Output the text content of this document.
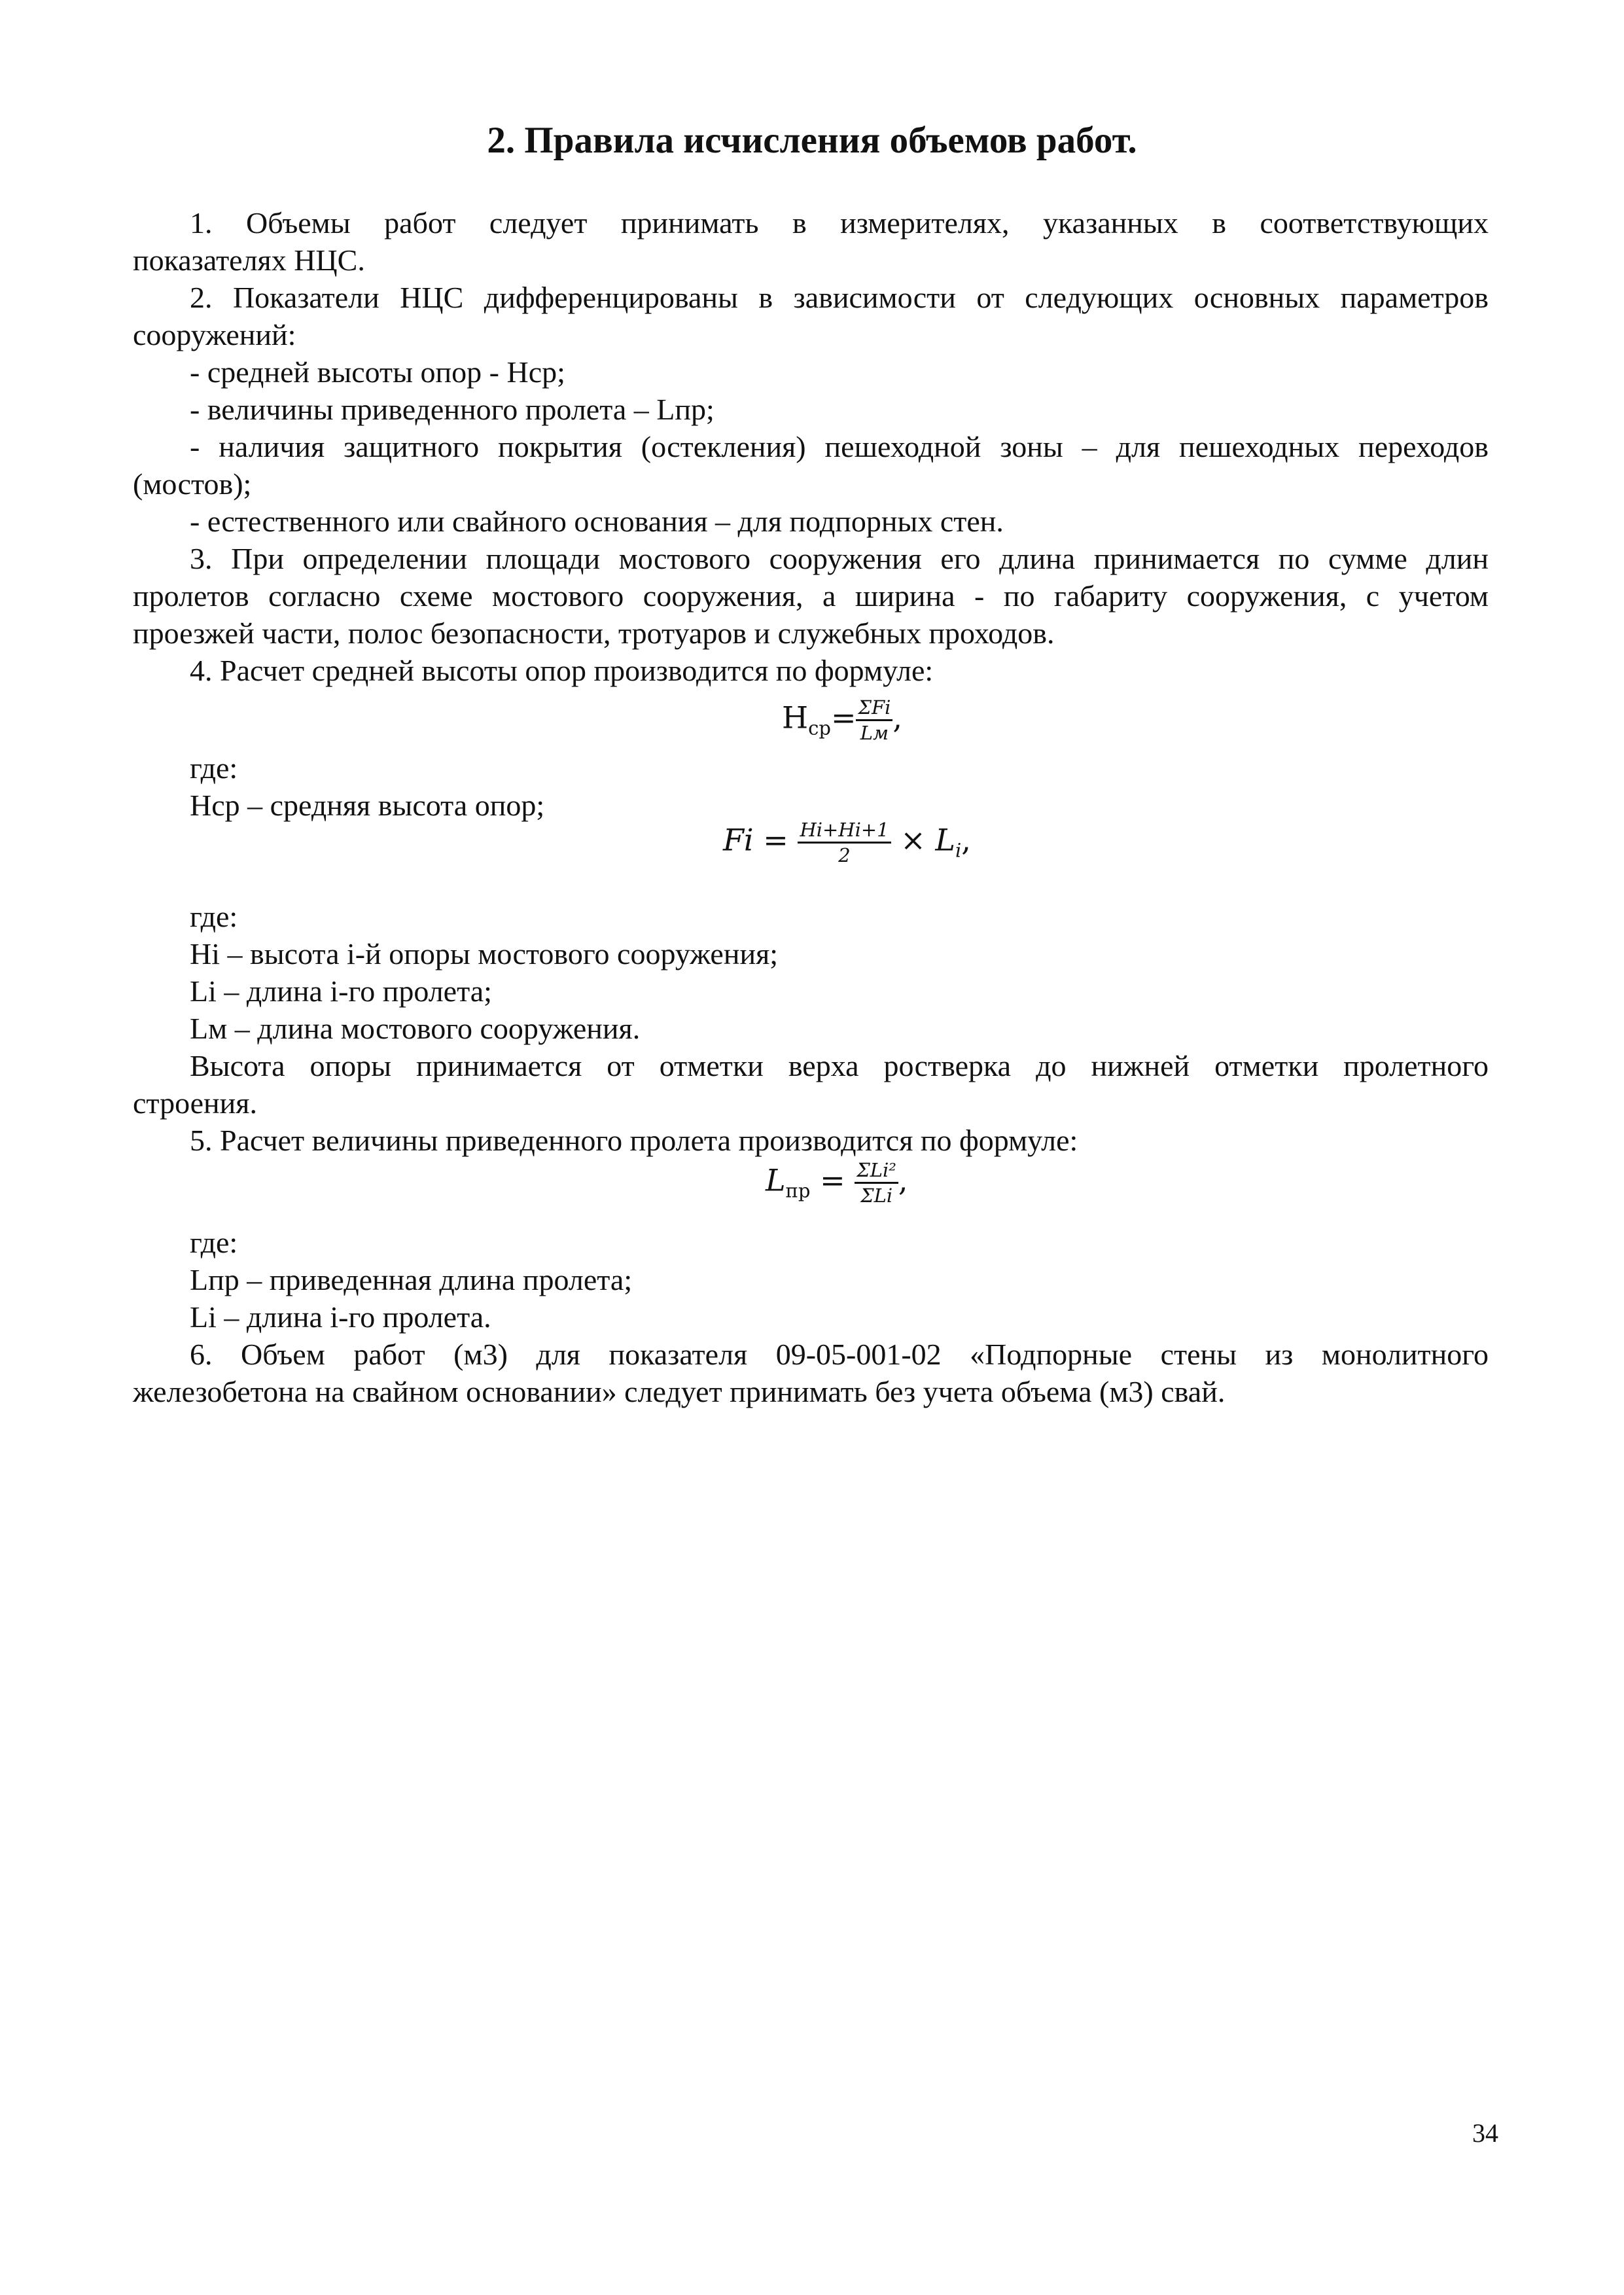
2. Правила исчисления объемов работ.
1. Объемы работ следует принимать в измерителях, указанных в соответствующих
показателях НЦС.
2. Показатели НЦС дифференцированы в зависимости от следующих основных параметров
сооружений:
- средней высоты опор - Нср;
- величины приведенного пролета – Lпр;
- наличия защитного покрытия (остекления) пешеходной зоны – для пешеходных переходов
(мостов);
- естественного или свайного основания – для подпорных стен.
3. При определении площади мостового сооружения его длина принимается по сумме длин
пролетов согласно схеме мостового сооружения, а ширина - по габариту сооружения, с учетом
проезжей части, полос безопасности, тротуаров и служебных проходов.
4. Расчет средней высоты опор производится по формуле:
$Н_{ср}= \frac{\text{ΣFi}}{Lм}$ ,
где:
Нср – средняя высота опор;
$Fi = \frac{Hi+Hi+1}{2} \times L_i$,
где:
Нi – высота i-й опоры мостового сооружения;
Li – длина i-го пролета;
Lм – длина мостового сооружения.
Высота опоры принимается от отметки верха ростверка до нижней отметки пролетного
строения.
5. Расчет величины приведенного пролета производится по формуле:
$L_{пр} = \frac{\text{ΣLi²}}{\text{ΣLi}}$ ,
где:
Lпр – приведенная длина пролета;
Li – длина i-го пролета.
6. Объем работ (м3) для показателя 09-05-001-02 «Подпорные стены из монолитного
железобетона на свайном основании» следует принимать без учета объема (м3) свай.
34
